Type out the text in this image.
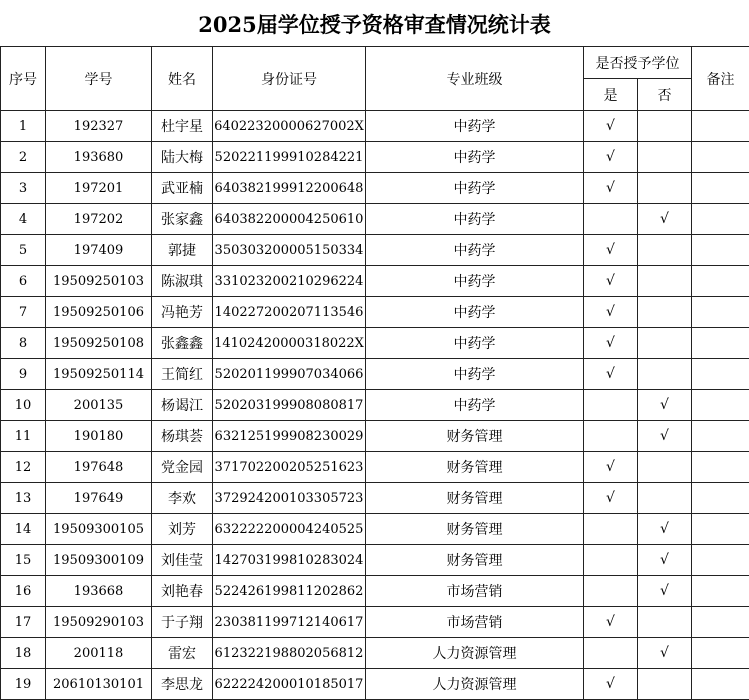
2025届学位授予资格审查情况统计表
序号	学号	姓名	身份证号	专业班级	是否授予学位		备注
					是	否	
1	192327	杜宇星	64022320000627002X	中药学	√		
2	193680	陆大梅	520221199910284221	中药学	√		
3	197201	武亚楠	640382199912200648	中药学	√		
4	197202	张家鑫	640382200004250610	中药学		√	
5	197409	郭捷	350303200005150334	中药学	√		
6	19509250103	陈淑琪	331023200210296224	中药学	√		
7	19509250106	冯艳芳	140227200207113546	中药学	√		
8	19509250108	张鑫鑫	14102420000318022X	中药学	√		
9	19509250114	王简红	520201199907034066	中药学	√		
10	200135	杨谒江	520203199908080817	中药学		√	
11	190180	杨琪荟	632125199908230029	财务管理		√	
12	197648	党金园	371702200205251623	财务管理	√		
13	197649	李欢	372924200103305723	财务管理	√		
14	19509300105	刘芳	632222200004240525	财务管理		√	
15	19509300109	刘佳莹	142703199810283024	财务管理		√	
16	193668	刘艳春	522426199811202862	市场营销		√	
17	19509290103	于子翔	230381199712140617	市场营销	√		
18	200118	雷宏	612322198802056812	人力资源管理		√	
19	20610130101	李思龙	622224200010185017	人力资源管理	√		
